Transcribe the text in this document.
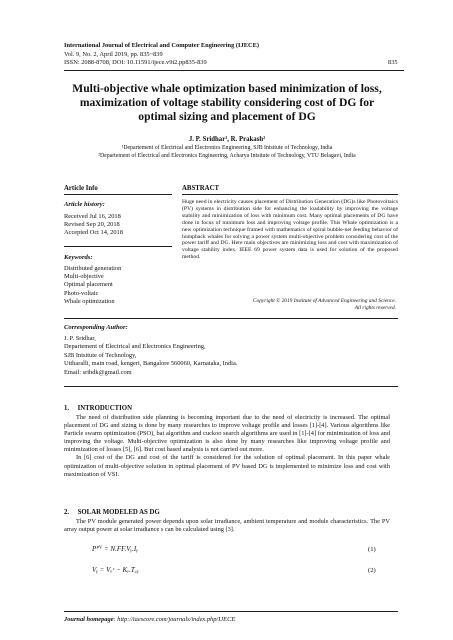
International Journal of Electrical and Computer Engineering (IJECE)
Vol. 9, No. 2, April 2019, pp. 835~839
ISSN: 2088-8708, DOI: 10.11591/ijece.v9i2.pp835-839	835
Multi-objective whale optimization based minimization of loss, maximization of voltage stability considering cost of DG for optimal sizing and placement of DG
J. P. Sridhar¹, R. Prakash²
¹Departement of Electrical and Electronics Engineering, SJB Intsitute of Technology, India
²Departement of Electrical and Electronics Engineering, Acharya Intsitute of Technology, VTU Belagavi, India
Article Info
Article history:
Received Jul 16, 2018
Revised Sep 20, 2018
Accepted Oct 14, 2018
Keywords:
Distributed generation
Multi-objective
Optimal placement
Photo-voltaic
Whale optimization
ABSTRACT
Huge need in electricity causes placement of Distribution Generation (DG)s like Photovoltaics (PV) systems in distribution side for enhancing the loadability by improving the voltage stability and minimization of loss with minimum cost. Many optimal placements of DG have done in focus of minimum loss and improving voltage profile. This Whale optimization is a new optimization technique framed with mathematics of spiral bubble-net feeding behavior of humpback whales for solving a power system multi-objective problem considering cost of the power tariff and DG. Here main objectives are minimizing loss and cost with maximization of voltage stability index. IEEE 69 power system data is used for solution of the proposed method.
Copyright © 2019 Institute of Advanced Engineering and Science.
All rights reserved.
Corresponding Author:
J. P. Sridhar,
Departement of Electrical and Electronics Engineering,
SJB Intsitute of Technology,
Uttharalli, main road, kengeri, Bangalore 560060, Karnataka, India.
Email: srihdk@gmail.com
1.     INTRODUCTION

The need of distribution side planning is becoming important due to the need of electricity is increased. The optimal placement of DG and sizing is done by many researches to improve voltage profile and losses [1]-[4]. Various algorithms like Particle swarm optimization (PSO), bat algorithm and cuckoo search algorithms are used in [1]-[4] for minimization of loss and improving the voltage. Multi-objective optimization is also done by many researches like improving voltage profile and minimization of losses [5], [6]. But cost based analysis is not carried out more.

In [6] cost of the DG and cost of the tariff is considered for the solution of optimal placement. In this paper whale optimization of multi-objective solution in optimal placement of PV based DG is implemented to minimize loss and cost with maximization of VSI.

2.     SOLAR MODELED AS DG

The PV module generated power depends upon solar irradiance, ambient temperature and module characteristics. The PV array output power at solar irradiance s can be calculated using [3].

Pᴾⱽ = N.FF.Vᵧ.Iᵧ	(1)
Vᵧ = Vₒᶜ − Kᵥ.T꜀ᵧ	(2)
Journal homepage: http://iaescore.com/journals/index.php/IJECE
